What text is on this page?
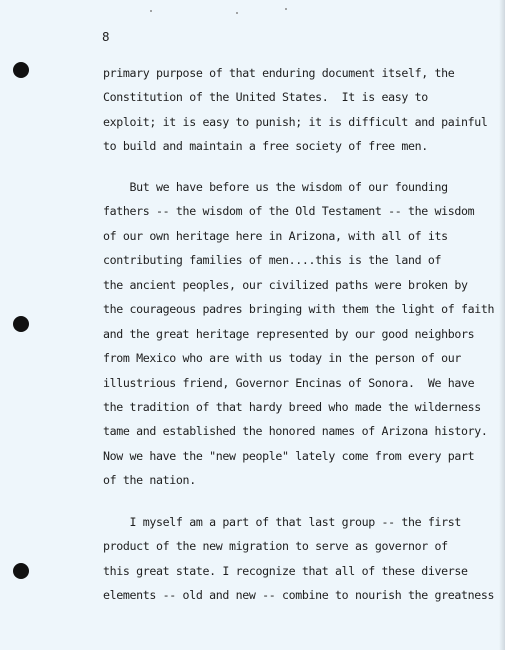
8
primary purpose of that enduring document itself, the
Constitution of the United States.  It is easy to
exploit; it is easy to punish; it is difficult and painful
to build and maintain a free society of free men.
But we have before us the wisdom of our founding
fathers -- the wisdom of the Old Testament -- the wisdom
of our own heritage here in Arizona, with all of its
contributing families of men....this is the land of
the ancient peoples, our civilized paths were broken by
the courageous padres bringing with them the light of faith
and the great heritage represented by our good neighbors
from Mexico who are with us today in the person of our
illustrious friend, Governor Encinas of Sonora.  We have
the tradition of that hardy breed who made the wilderness
tame and established the honored names of Arizona history.
Now we have the "new people" lately come from every part
of the nation.
I myself am a part of that last group -- the first
product of the new migration to serve as governor of
this great state. I recognize that all of these diverse
elements -- old and new -- combine to nourish the greatness
